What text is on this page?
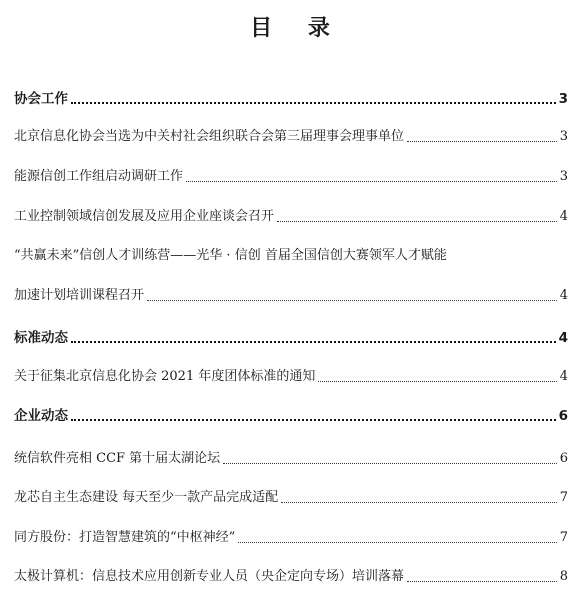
目 录
协会工作	3
北京信息化协会当选为中关村社会组织联合会第三届理事会理事单位	3
能源信创工作组启动调研工作	3
工业控制领域信创发展及应用企业座谈会召开	4
“共赢未来”信创人才训练营——光华 · 信创 首届全国信创大赛领军人才赋能
加速计划培训课程召开	4
标准动态	4
关于征集北京信息化协会 2021 年度团体标准的通知	4
企业动态	6
统信软件亮相 CCF 第十届太湖论坛	6
龙芯自主生态建设 每天至少一款产品完成适配	7
同方股份：打造智慧建筑的“中枢神经”	7
太极计算机：信息技术应用创新专业人员（央企定向专场）培训落幕	8
